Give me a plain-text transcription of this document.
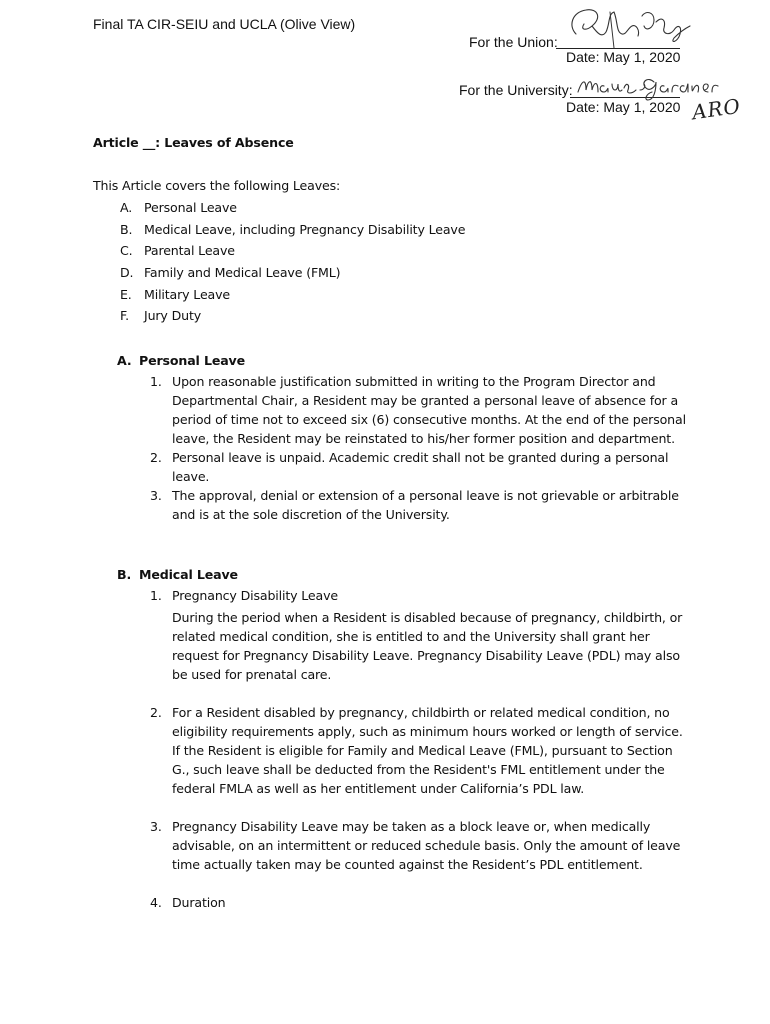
Final TA CIR-SEIU and UCLA (Olive View)
For the Union:
Date: May 1, 2020
For the University:
Date: May 1, 2020 ARO
Article __: Leaves of Absence
This Article covers the following Leaves:
A. Personal Leave
B. Medical Leave, including Pregnancy Disability Leave
C. Parental Leave
D. Family and Medical Leave (FML)
E. Military Leave
F. Jury Duty
A. Personal Leave
1. Upon reasonable justification submitted in writing to the Program Director and Departmental Chair, a Resident may be granted a personal leave of absence for a period of time not to exceed six (6) consecutive months. At the end of the personal leave, the Resident may be reinstated to his/her former position and department.
2. Personal leave is unpaid. Academic credit shall not be granted during a personal leave.
3. The approval, denial or extension of a personal leave is not grievable or arbitrable and is at the sole discretion of the University.
B. Medical Leave
1. Pregnancy Disability Leave
During the period when a Resident is disabled because of pregnancy, childbirth, or related medical condition, she is entitled to and the University shall grant her request for Pregnancy Disability Leave. Pregnancy Disability Leave (PDL) may also be used for prenatal care.
2. For a Resident disabled by pregnancy, childbirth or related medical condition, no eligibility requirements apply, such as minimum hours worked or length of service. If the Resident is eligible for Family and Medical Leave (FML), pursuant to Section G., such leave shall be deducted from the Resident's FML entitlement under the federal FMLA as well as her entitlement under California’s PDL law.
3. Pregnancy Disability Leave may be taken as a block leave or, when medically advisable, on an intermittent or reduced schedule basis. Only the amount of leave time actually taken may be counted against the Resident’s PDL entitlement.
4. Duration
